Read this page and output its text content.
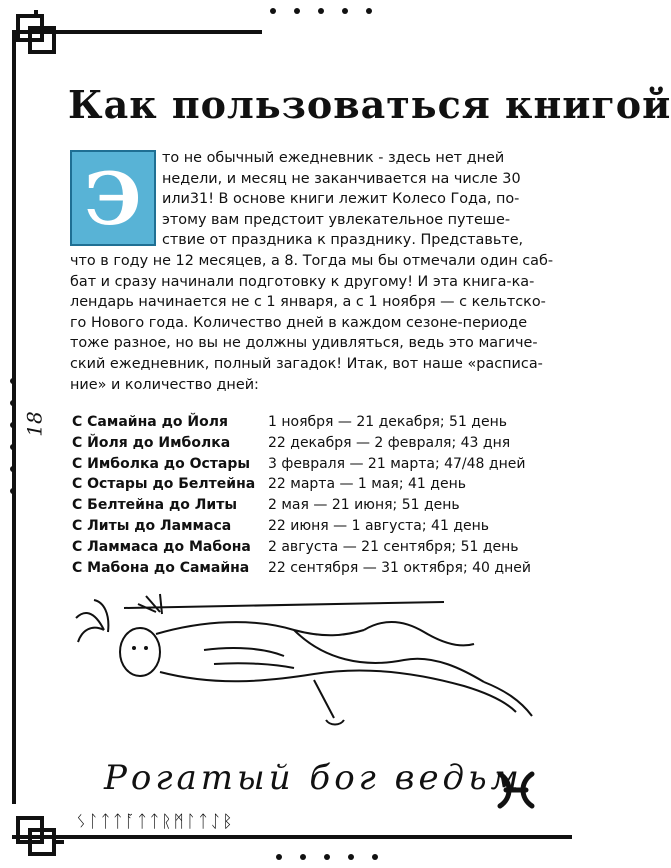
18
Как пользоваться книгой
Э	то не обычный ежедневник - здесь нет дней
недели, и месяц не заканчивается на числе 30
или31! В основе книги лежит Колесо Года, по-
этому вам предстоит увлекательное путеше-
ствие от праздника к празднику. Представьте,
что в году не 12 месяцев, а 8. Тогда мы бы отмечали один саб-
бат и сразу начинали подготовку к другому! И эта книга-ка-
лендарь начинается не с 1 января, а с 1 ноября — с кельтско-
го Нового года. Количество дней в каждом сезоне-периоде
тоже разное, но вы не должны удивляться, ведь это магиче-
ский ежедневник, полный загадок! Итак, вот наше «расписа-
ние» и количество дней:
С Самайна до Йоля	1 ноября — 21 декабря; 51 день
С Йоля до Имболка	22 декабря — 2 февраля; 43 дня
С Имболка до Остары	3 февраля — 21 марта; 47/48 дней
С Остары до Белтейна 22 марта — 1 мая; 41 день
С Белтейна до Литы	2 мая — 21 июня; 51 день
С Литы до Ламмаса	22 июня — 1 августа; 41 день
С Ламмаса до Мабона	2 августа — 21 сентября; 51 день
С Мабона до Самайна	22 сентября — 31 октября; 40 дней
Рогатый бог ведьм
ᛊᛚᛏᛏᚪᛏᛏᚱᛗᛚᛏᛇᛒ
